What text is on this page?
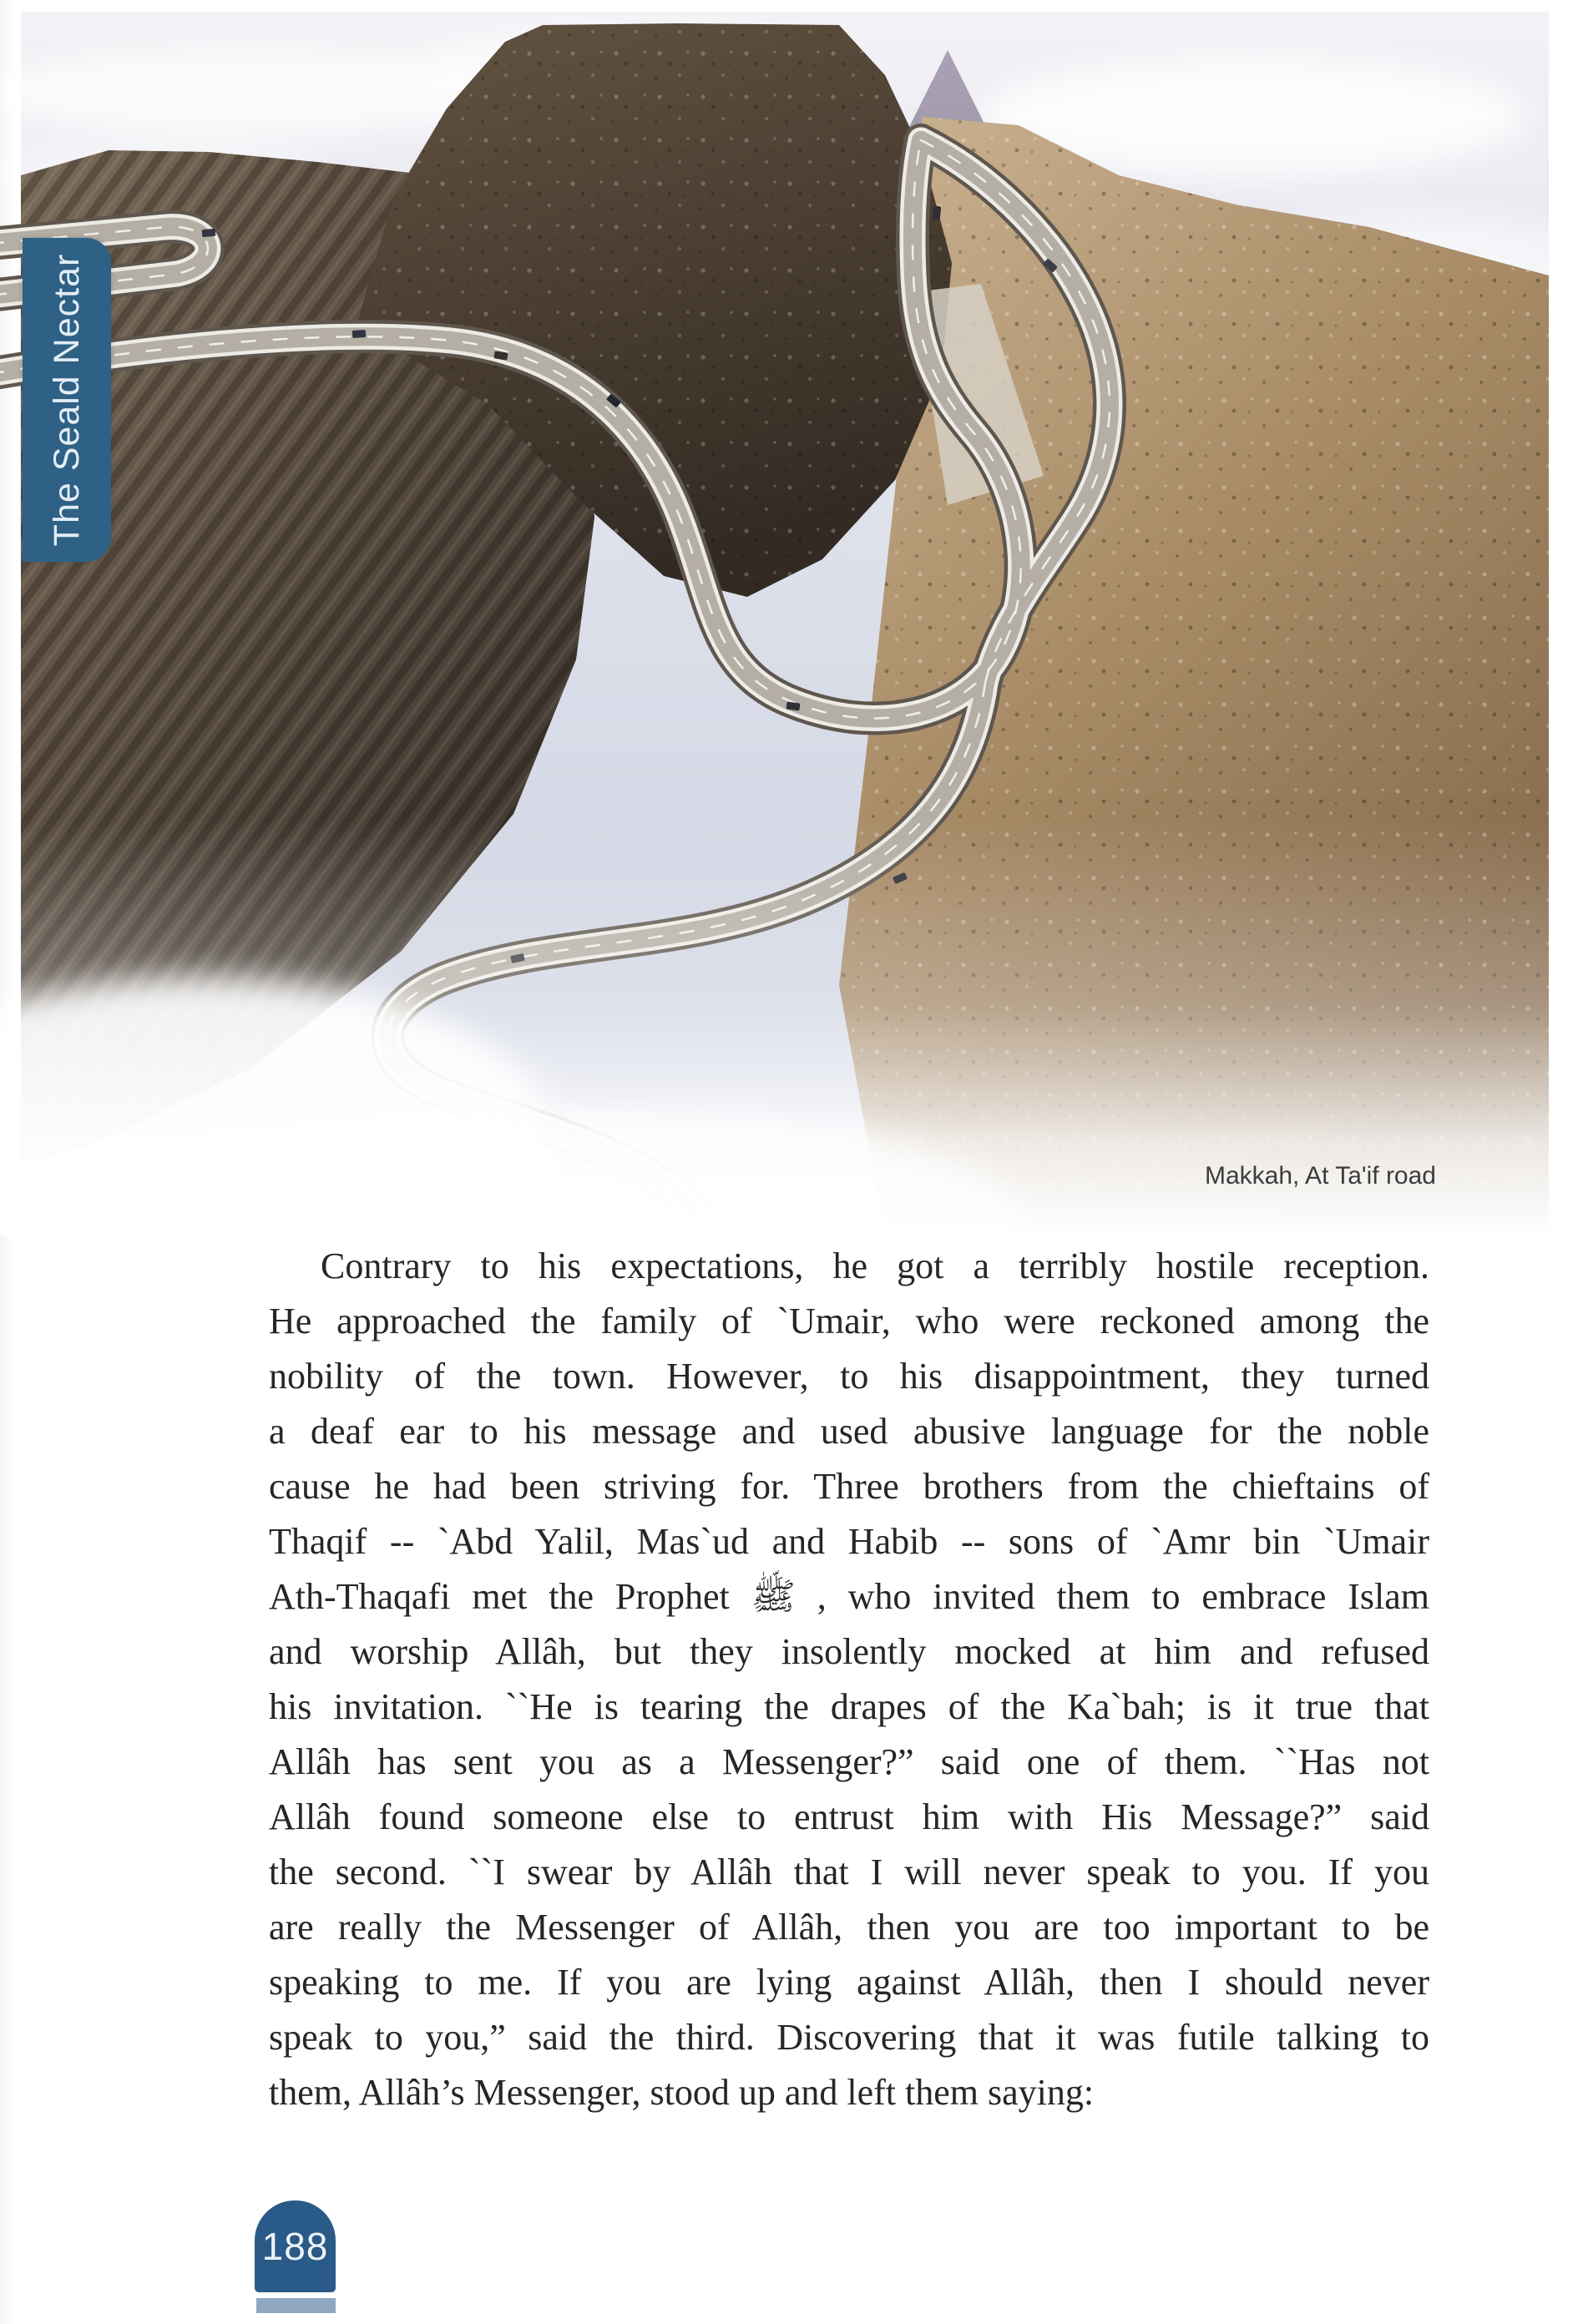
Makkah, At Ta'if road
The Seald Nectar
Contrary to his expectations, he got a terribly hostile reception.
He approached the family of `Umair, who were reckoned among the
nobility of the town. However, to his disappointment, they turned
a deaf ear to his message and used abusive language for the noble
cause he had been striving for. Three brothers from the chieftains of
Thaqif -- `Abd Yalil, Mas`ud and Habib -- sons of `Amr bin `Umair
Ath-Thaqafi met the Prophet ﷺ , who invited them to embrace Islam
and worship Allâh, but they insolently mocked at him and refused
his invitation. ``He is tearing the drapes of the Ka`bah; is it true that
Allâh has sent you as a Messenger?” said one of them. ``Has not
Allâh found someone else to entrust him with His Message?” said
the second. ``I swear by Allâh that I will never speak to you. If you
are really the Messenger of Allâh, then you are too important to be
speaking to me. If you are lying against Allâh, then I should never
speak to you,” said the third. Discovering that it was futile talking to
them, Allâh’s Messenger, stood up and left them saying:
188
